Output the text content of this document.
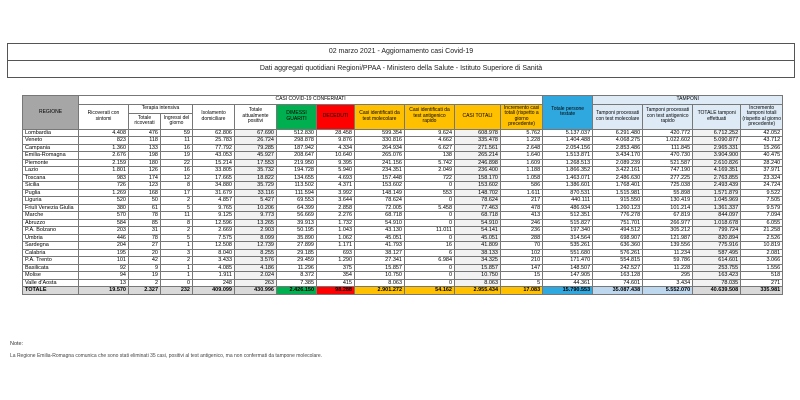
02 marzo 2021 - Aggiornamento casi Covid-19
Dati aggregati quotidiani Regioni/PPAA - Ministero della Salute - Istituto Superiore di Sanità
REGIONE	CASI COVID-19 CONFERMATI											Totale persone testate	TAMPONI			
	Ricoverati con sintomi	Terapia intensiva		Isolamento domiciliare	Totale attualmente positivi	DIMESSI GUARITI	DECEDUTI	Casi identificati da test molecolare	Casi identificati da test antigenico rapido	CASI TOTALI	Incremento casi totali (rispetto a giorno precedente)		Tamponi processati con test molecolare	Tamponi processati con test antigenico rapido	TOTALE tamponi effettuati	Incremento tamponi totali (rispetto al giorno precedente)
		Totale ricoverati	Ingressi del giorno													
Lombardia	4.408	476	59	62.806	67.690	512.830	28.458	599.354	9.624	608.978	5.762	5.137.037	6.291.480	420.772	6.712.252	42.052
Veneto	823	118	11	25.783	26.724	298.878	9.876	330.816	4.662	335.478	1.228	1.404.488	4.068.275	1.022.602	5.090.877	43.712
Campania	1.360	133	16	77.792	79.285	187.942	4.334	264.934	6.627	271.561	2.648	2.054.156	2.853.486	111.845	2.965.331	15.266
Emilia-Romagna	2.676	198	19	43.053	45.927	208.647	10.640	265.076	138	265.214	1.640	1.513.871	3.434.170	470.730	3.904.900	40.475
Piemonte	2.159	180	22	15.214	17.553	219.950	9.395	241.156	5.742	246.898	1.609	1.268.513	2.089.239	521.587	2.610.826	28.240
Lazio	1.801	126	16	33.805	35.732	194.728	5.940	234.351	2.049	236.400	1.188	1.866.352	3.422.161	747.190	4.169.351	37.971
Toscana	983	174	12	17.665	18.822	134.655	4.693	157.448	722	158.170	1.058	1.463.071	2.486.630	277.225	2.763.855	23.324
Sicilia	726	123	8	34.880	35.729	113.502	4.371	153.602	0	153.602	586	1.386.601	1.768.401	725.038	2.493.439	24.724
Puglia	1.269	168	17	31.679	33.116	111.594	3.992	148.149	553	148.702	1.611	870.531	1.515.981	55.898	1.571.879	9.522
Liguria	520	50	2	4.857	5.427	69.553	3.644	78.624	0	78.624	217	440.111	915.550	130.419	1.045.969	7.505
Friuli Venezia Giulia	380	61	5	9.765	10.206	64.399	2.858	72.005	5.458	77.463	478	486.934	1.260.123	101.214	1.361.337	9.579
Marche	570	78	11	9.125	9.773	56.669	2.276	68.718	0	68.718	413	512.351	776.278	67.819	844.097	7.094
Abruzzo	584	85	8	12.596	13.265	39.913	1.732	54.910	0	54.910	246	515.827	751.701	266.977	1.018.678	6.055
P.A. Bolzano	203	31	2	2.669	2.903	50.195	1.043	43.130	11.011	54.141	236	197.340	494.512	305.212	799.724	21.258
Umbria	446	78	5	7.575	8.099	35.890	1.062	45.051	0	45.051	288	314.564	698.907	121.987	820.894	2.526
Sardegna	204	27	1	12.508	12.739	27.899	1.171	41.793	16	41.809	70	535.261	636.360	139.556	775.916	10.819
Calabria	195	20	3	8.040	8.255	29.185	693	38.127	6	38.133	102	551.680	576.261	11.234	587.495	2.081
P.A. Trento	101	42	2	3.433	3.576	29.459	1.290	27.341	6.984	34.325	210	171.470	554.815	59.786	614.601	3.066
Basilicata	92	9	1	4.085	4.186	11.296	375	15.857	0	15.857	147	148.507	242.527	11.228	253.755	1.556
Molise	94	19	1	1.911	2.024	8.372	354	10.750	0	10.750	15	147.905	163.128	295	163.423	518
Valle d'Aosta	13	2	0	248	263	7.385	415	8.063	0	8.063	5	44.361	74.601	3.434	78.035	271
TOTALE	19.570	2.327	232	409.099	430.996	2.426.150	98.288	2.901.272	54.162	2.955.434	17.083	15.790.553	35.087.438	5.552.070	40.639.508	335.981
Note:
La Regione Emilia-Romagna comunica che sono stati eliminati 35 casi, positivi al test antigenico, ma non confermati da tampone molecolare.
